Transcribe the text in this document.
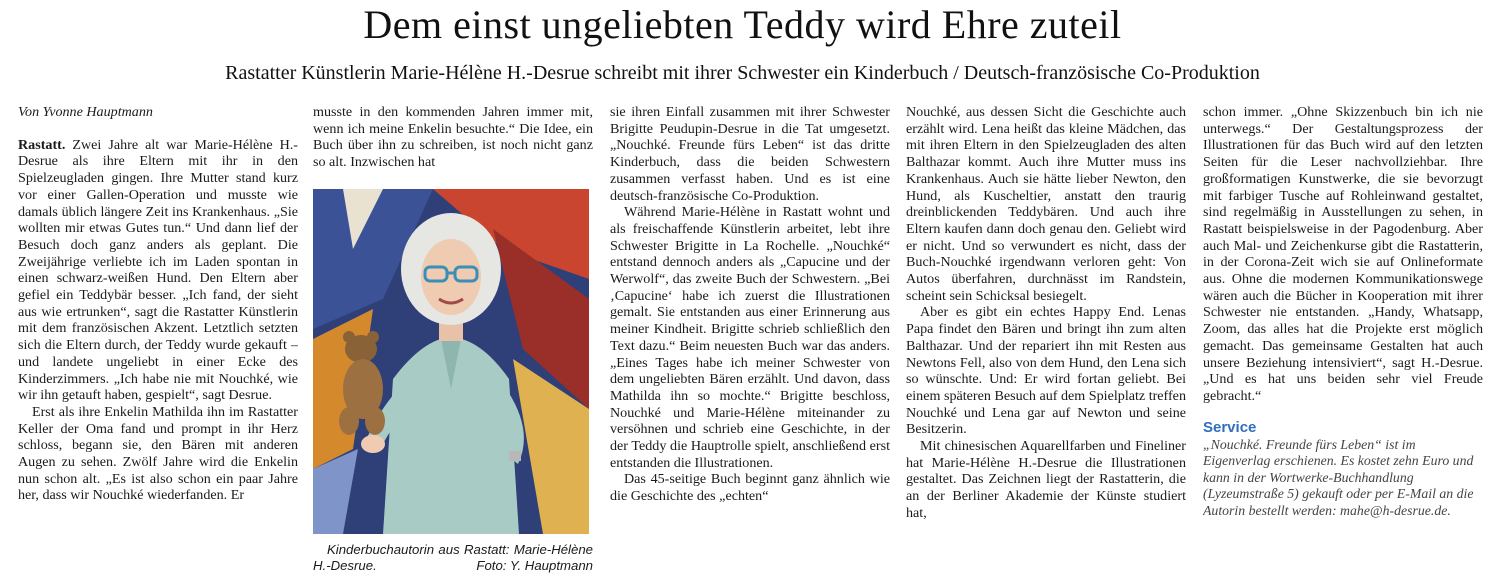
Dem einst ungeliebten Teddy wird Ehre zuteil
Rastatter Künstlerin Marie-Hélène H.-Desrue schreibt mit ihrer Schwester ein Kinderbuch / Deutsch-französische Co-Produktion

Von Yvonne Hauptmann

Rastatt. Zwei Jahre alt war Marie-Hélène H.-Desrue als ihre Eltern mit ihr in den Spielzeugladen gingen. Ihre Mutter stand kurz vor einer Gallen-Operation und musste wie damals üblich längere Zeit ins Krankenhaus. „Sie wollten mir etwas Gutes tun.“ Und dann lief der Besuch doch ganz anders als geplant. Die Zweijährige verliebte ich im Laden spontan in einen schwarz-weißen Hund. Den Eltern aber gefiel ein Teddybär besser. „Ich fand, der sieht aus wie ertrunken“, sagt die Rastatter Künstlerin mit dem französischen Akzent. Letztlich setzten sich die Eltern durch, der Teddy wurde gekauft – und landete ungeliebt in einer Ecke des Kinderzimmers. „Ich habe nie mit Nouchké, wie wir ihn getauft haben, gespielt“, sagt Desrue.

Erst als ihre Enkelin Mathilda ihn im Rastatter Keller der Oma fand und prompt in ihr Herz schloss, begann sie, den Bären mit anderen Augen zu sehen. Zwölf Jahre wird die Enkelin nun schon alt. „Es ist also schon ein paar Jahre her, dass wir Nouchké wiederfanden. Er

musste in den kommenden Jahren immer mit, wenn ich meine Enkelin besuchte.“ Die Idee, ein Buch über ihn zu schreiben, ist noch nicht ganz so alt. Inzwischen hat

Kinderbuchautorin aus Rastatt: Marie-Hélène H.-Desrue.	Foto: Y. Hauptmann

sie ihren Einfall zusammen mit ihrer Schwester Brigitte Peudupin-Desrue in die Tat umgesetzt. „Nouchké. Freunde fürs Leben“ ist das dritte Kinderbuch, dass die beiden Schwestern zusammen verfasst haben. Und es ist eine deutsch-französische Co-Produktion.

Während Marie-Hélène in Rastatt wohnt und als freischaffende Künstlerin arbeitet, lebt ihre Schwester Brigitte in La Rochelle. „Nouchké“ entstand dennoch anders als „Capucine und der Werwolf“, das zweite Buch der Schwestern. „Bei ‚Capucine‘ habe ich zuerst die Illustrationen gemalt. Sie entstanden aus einer Erinnerung aus meiner Kindheit. Brigitte schrieb schließlich den Text dazu.“ Beim neuesten Buch war das anders. „Eines Tages habe ich meiner Schwester von dem ungeliebten Bären erzählt. Und davon, dass Mathilda ihn so mochte.“ Brigitte beschloss, Nouchké und Marie-Hélène miteinander zu versöhnen und schrieb eine Geschichte, in der der Teddy die Hauptrolle spielt, anschließend erst entstanden die Illustrationen.

Das 45-seitige Buch beginnt ganz ähnlich wie die Geschichte des „echten“

Nouchké, aus dessen Sicht die Geschichte auch erzählt wird. Lena heißt das kleine Mädchen, das mit ihren Eltern in den Spielzeugladen des alten Balthazar kommt. Auch ihre Mutter muss ins Krankenhaus. Auch sie hätte lieber Newton, den Hund, als Kuscheltier, anstatt den traurig dreinblickenden Teddybären. Und auch ihre Eltern kaufen dann doch genau den. Geliebt wird er nicht. Und so verwundert es nicht, dass der Buch-Nouchké irgendwann verloren geht: Von Autos überfahren, durchnässt im Randstein, scheint sein Schicksal besiegelt.

Aber es gibt ein echtes Happy End. Lenas Papa findet den Bären und bringt ihn zum alten Balthazar. Und der repariert ihn mit Resten aus Newtons Fell, also von dem Hund, den Lena sich so wünschte. Und: Er wird fortan geliebt. Bei einem späteren Besuch auf dem Spielplatz treffen Nouchké und Lena gar auf Newton und seine Besitzerin.

Mit chinesischen Aquarellfarben und Fineliner hat Marie-Hélène H.-Desrue die Illustrationen gestaltet. Das Zeichnen liegt der Rastatterin, die an der Berliner Akademie der Künste studiert hat,

schon immer. „Ohne Skizzenbuch bin ich nie unterwegs.“ Der Gestaltungsprozess der Illustrationen für das Buch wird auf den letzten Seiten für die Leser nachvollziehbar. Ihre großformatigen Kunstwerke, die sie bevorzugt mit farbiger Tusche auf Rohleinwand gestaltet, sind regelmäßig in Ausstellungen zu sehen, in Rastatt beispielsweise in der Pagodenburg. Aber auch Mal- und Zeichenkurse gibt die Rastatterin, in der Corona-Zeit wich sie auf Onlineformate aus. Ohne die modernen Kommunikationswege wären auch die Bücher in Kooperation mit ihrer Schwester nie entstanden. „Handy, Whatsapp, Zoom, das alles hat die Projekte erst möglich gemacht. Das gemeinsame Gestalten hat auch unsere Beziehung intensiviert“, sagt H.-Desrue. „Und es hat uns beiden sehr viel Freude gebracht.“

Service

„Nouchké. Freunde fürs Leben“ ist im Eigenverlag erschienen. Es kostet zehn Euro und kann in der Wortwerke-Buchhandlung (Lyzeumstraße 5) gekauft oder per E-Mail an die Autorin bestellt werden: mahe@h-desrue.de.
